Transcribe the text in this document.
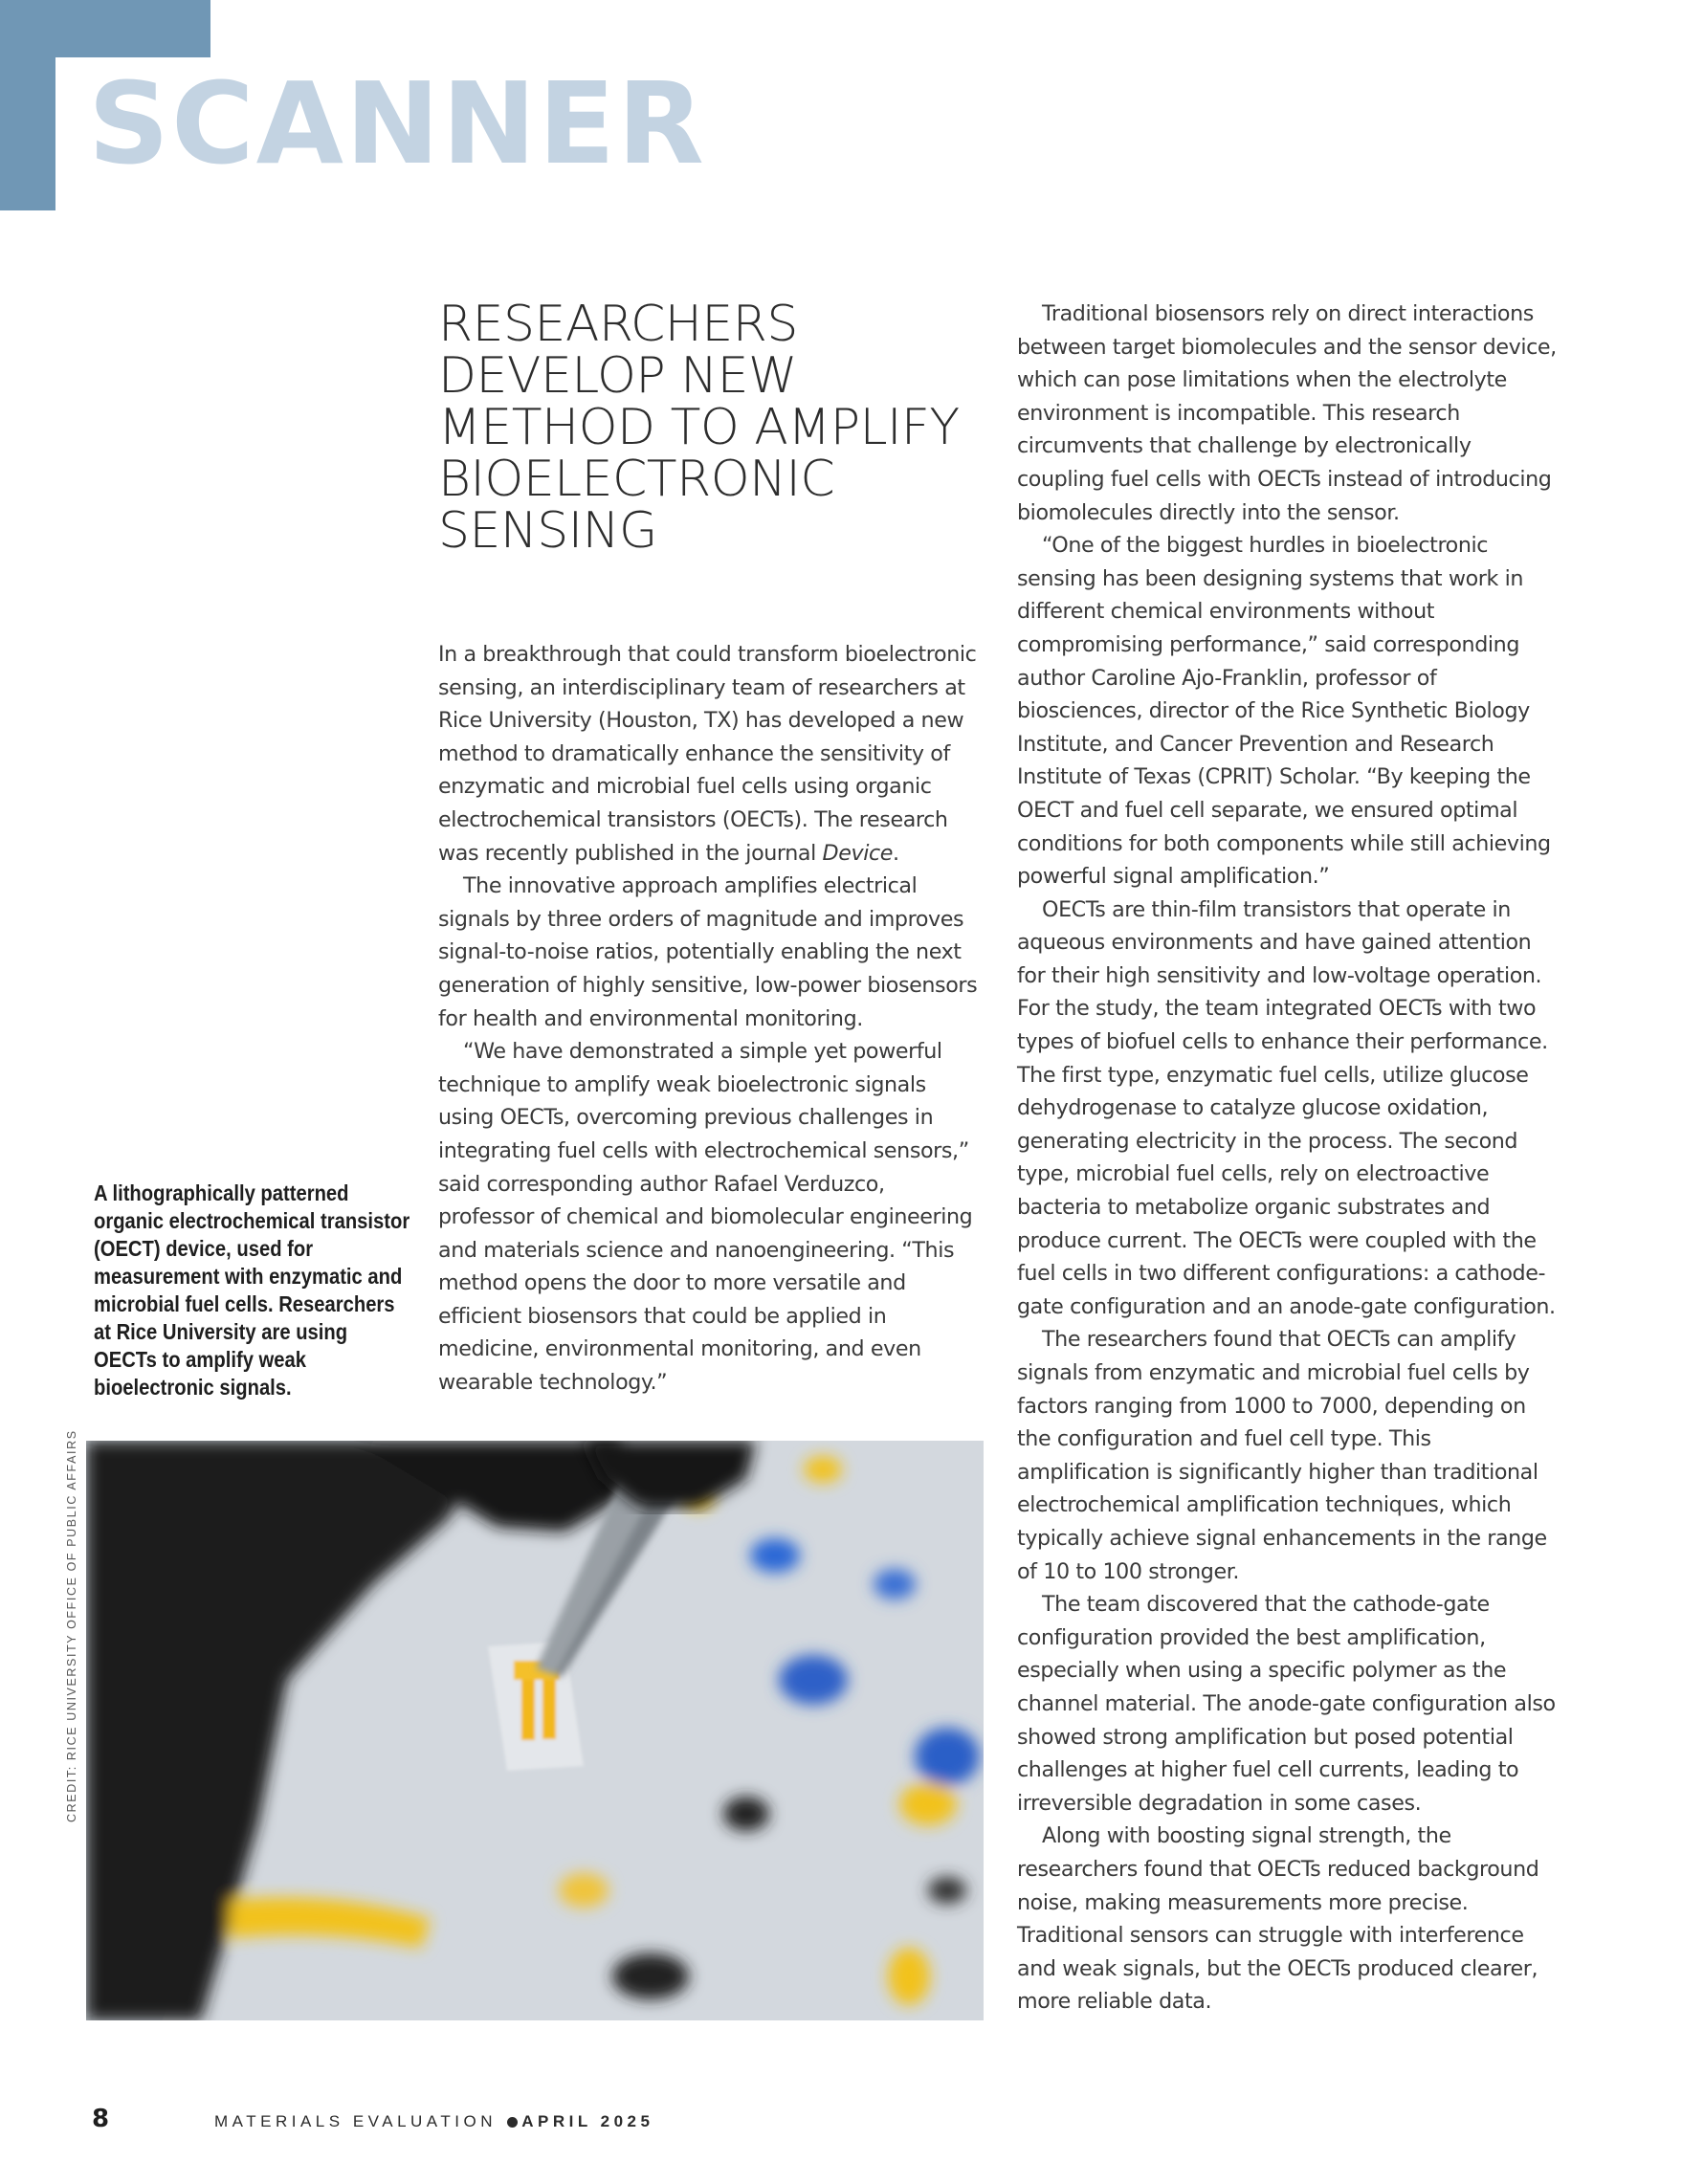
SCANNER
RESEARCHERS DEVELOP NEW METHOD TO AMPLIFY BIOELECTRONIC SENSING

In a breakthrough that could transform bioelectronic sensing, an interdisciplinary team of researchers at Rice University (Houston, TX) has developed a new method to dramatically enhance the sensitivity of enzymatic and microbial fuel cells using organic electrochemical transistors (OECTs). The research was recently published in the journal Device.

The innovative approach amplifies electrical signals by three orders of magnitude and improves signal-to-noise ratios, potentially enabling the next generation of highly sensitive, low-power biosensors for health and environmental monitoring.

“We have demonstrated a simple yet powerful technique to amplify weak bioelectronic signals using OECTs, overcoming previous challenges in integrating fuel cells with electrochemical sensors,” said corresponding author Rafael Verduzco, professor of chemical and biomolecular engineering and materials science and nanoengineering. “This method opens the door to more versatile and efficient biosensors that could be applied in medicine, environmental monitoring, and even wearable technology.”

Traditional biosensors rely on direct interactions between target biomolecules and the sensor device, which can pose limitations when the electrolyte environment is incompatible. This research circumvents that challenge by electronically coupling fuel cells with OECTs instead of introducing biomolecules directly into the sensor.

“One of the biggest hurdles in bioelectronic sensing has been designing systems that work in different chemical environments without compromising performance,” said corresponding author Caroline Ajo-Franklin, professor of biosciences, director of the Rice Synthetic Biology Institute, and Cancer Prevention and Research Institute of Texas (CPRIT) Scholar. “By keeping the OECT and fuel cell separate, we ensured optimal conditions for both components while still achieving powerful signal amplification.”

OECTs are thin-film transistors that operate in aqueous environments and have gained attention for their high sensitivity and low-voltage operation. For the study, the team integrated OECTs with two types of biofuel cells to enhance their performance. The first type, enzymatic fuel cells, utilize glucose dehydrogenase to catalyze glucose oxidation, generating electricity in the process. The second type, microbial fuel cells, rely on electroactive bacteria to metabolize organic substrates and produce current. The OECTs were coupled with the fuel cells in two different configurations: a cathode-gate configuration and an anode-gate configuration.

The researchers found that OECTs can amplify signals from enzymatic and microbial fuel cells by factors ranging from 1000 to 7000, depending on the configuration and fuel cell type. This amplification is significantly higher than traditional electrochemical amplification techniques, which typically achieve signal enhancements in the range of 10 to 100 stronger.

The team discovered that the cathode-gate configuration provided the best amplification, especially when using a specific polymer as the channel material. The anode-gate configuration also showed strong amplification but posed potential challenges at higher fuel cell currents, leading to irreversible degradation in some cases.

Along with boosting signal strength, the researchers found that OECTs reduced background noise, making measurements more precise. Traditional sensors can struggle with interference and weak signals, but the OECTs produced clearer, more reliable data.

A lithographically patterned organic electrochemical transistor (OECT) device, used for measurement with enzymatic and microbial fuel cells. Researchers at Rice University are using OECTs to amplify weak bioelectronic signals.

CREDIT: RICE UNIVERSITY OFFICE OF PUBLIC AFFAIRS
8	MATERIALS EVALUATION APRIL 2025
